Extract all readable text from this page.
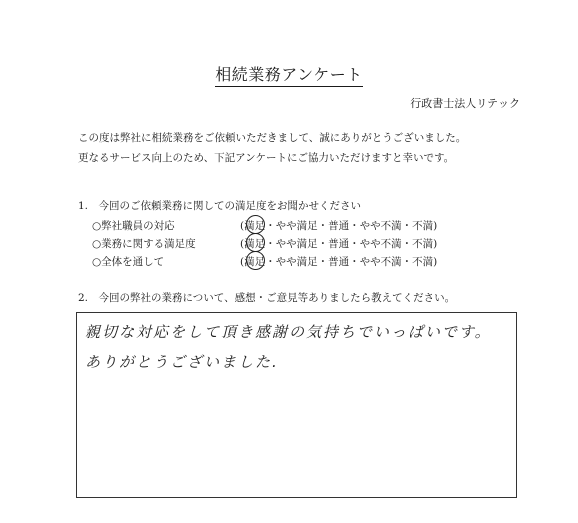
相続業務アンケート
行政書士法人リテック
この度は弊社に相続業務をご依頼いただきまして、誠にありがとうございました。
更なるサービス向上のため、下記アンケートにご協力いただけますと幸いです。
1.　今回のご依頼業務に関しての満足度をお聞かせください
○弊社職員の対応	(満足・やや満足・普通・やや不満・不満)
○業務に関する満足度	(満足・やや満足・普通・やや不満・不満)
○全体を通して	(満足・やや満足・普通・やや不満・不満)
2.　今回の弊社の業務について、感想・ご意見等ありましたら教えてください。
親切な対応をして頂き感謝の気持ちでいっぱいです。
ありがとうございました.
